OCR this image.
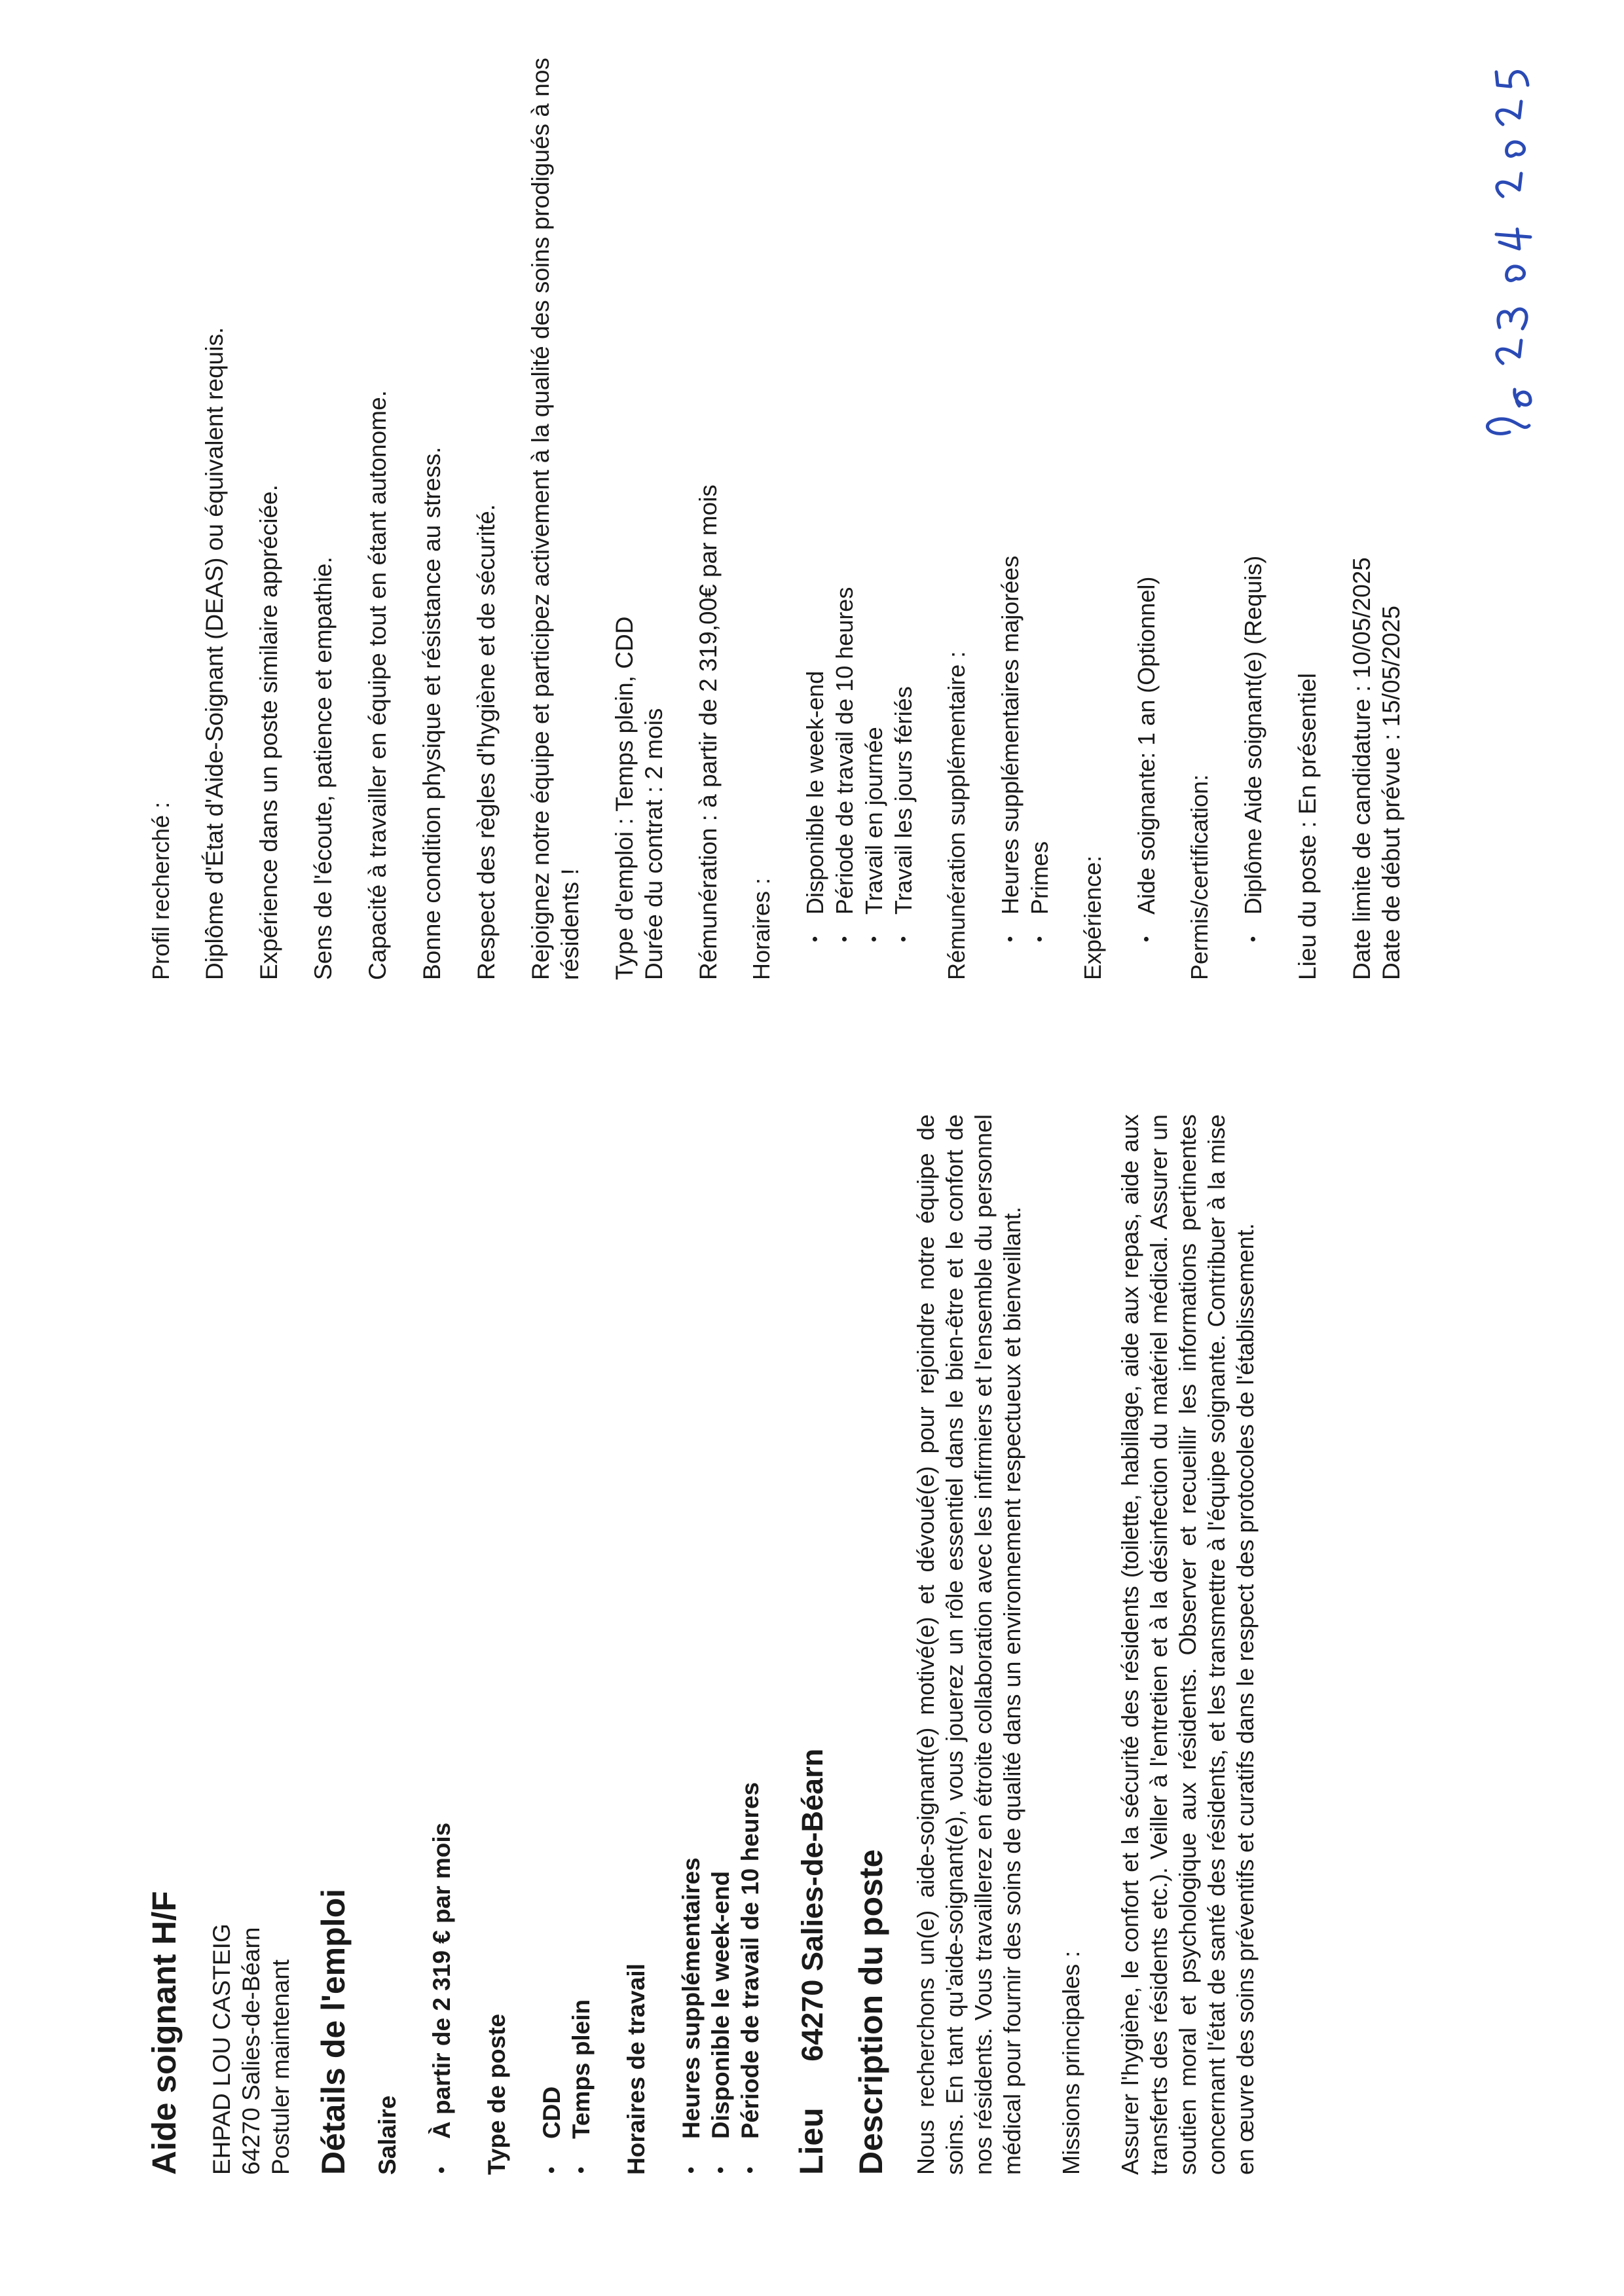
Aide soignant H/F EHPAD LOU CASTEIG 64270 Salies-de-Béarn Postuler maintenant Détails de l'emploi Salaire • À partir de 2 319 € par mois Type de poste • CDD • Temps plein Horaires de travail • Heures supplémentaires • Disponible le week-end • Période de travail de 10 heures
Lieu 64270 Salies-de-Béarn Description du poste Nous recherchons un(e) aide-soignant(e) motivé(e) et dévoué(e) pour rejoindre notre équipe de soins. En tant qu'aide-soignant(e), vous jouerez un rôle essentiel dans le bien-être et le confort de nos résidents. Vous travaillerez en étroite collaboration avec les infirmiers et l'ensemble du personnel médical pour fournir des soins de qualité dans un environnement respectueux et bienveillant. Missions principales : Assurer l'hygiène, le confort et la sécurité des résidents (toilette, habillage, aide aux repas, aide aux transferts des résidents etc.). Veiller à l'entretien et à la désinfection du matériel médical. Assurer un soutien moral et psychologique aux résidents. Observer et recueillir les informations pertinentes concernant l'état de santé des résidents, et les transmettre à l'équipe soignante. Contribuer à la mise en œuvre des soins préventifs et curatifs dans le respect des protocoles de l'établissement.

Profil recherché : Diplôme d'État d'Aide-Soignant (DEAS) ou équivalent requis. Expérience dans un poste similaire appréciée. Sens de l'écoute, patience et empathie. Capacité à travailler en équipe tout en étant autonome. Bonne condition physique et résistance au stress. Respect des règles d'hygiène et de sécurité. Rejoignez notre équipe et participez activement à la qualité des soins prodigués à nos résidents ! Type d'emploi : Temps plein, CDD Durée du contrat : 2 mois Rémunération : à partir de 2 319,00€ par mois Horaires :
• Disponible le week-end • Période de travail de 10 heures • Travail en journée • Travail les jours fériés Rémunération supplémentaire : • Heures supplémentaires majorées • Primes Expérience:
• Aide soignante: 1 an (Optionnel) Permis/certification: • Diplôme Aide soignant(e) (Requis) Lieu du poste : En présentiel Date limite de candidature : 10/05/2025 Date de début prévue : 15/05/2025

le 23 04 2025
